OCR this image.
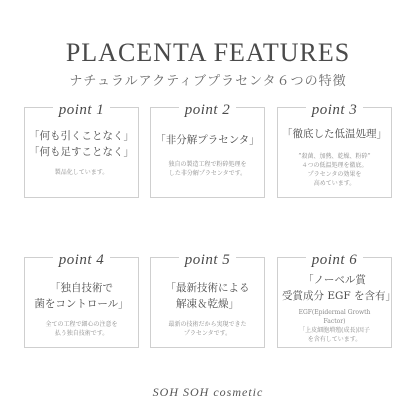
PLACENTA FEATURES
ナチュラルアクティブプラセンタ６つの特徴
point 1
「何も引くことなく」
「何も足すことなく」
製品化しています。
point 2
「非分解プラセンタ」
独自の製造工程で粉砕処理を
した非分解プラセンタです。
point 3
「徹底した低温処理」
”殺菌、加熱、乾燥、粉砕”
４つの低温処理を徹底。
プラセンタの効果を
高めています。
point 4
「独自技術で
菌をコントロール」
全ての工程で細心の注意を
払う独自技術です。
point 5
「最新技術による
解凍＆乾燥」
最新の技術だから実現できた
プラセンタです。
point 6
「ノーベル賞
受賞成分 EGF を含有」
EGF(Epidermal Growth
Factor)
「上皮細胞増殖(成長)因子
を含有しています。
SOH SOH cosmetic
